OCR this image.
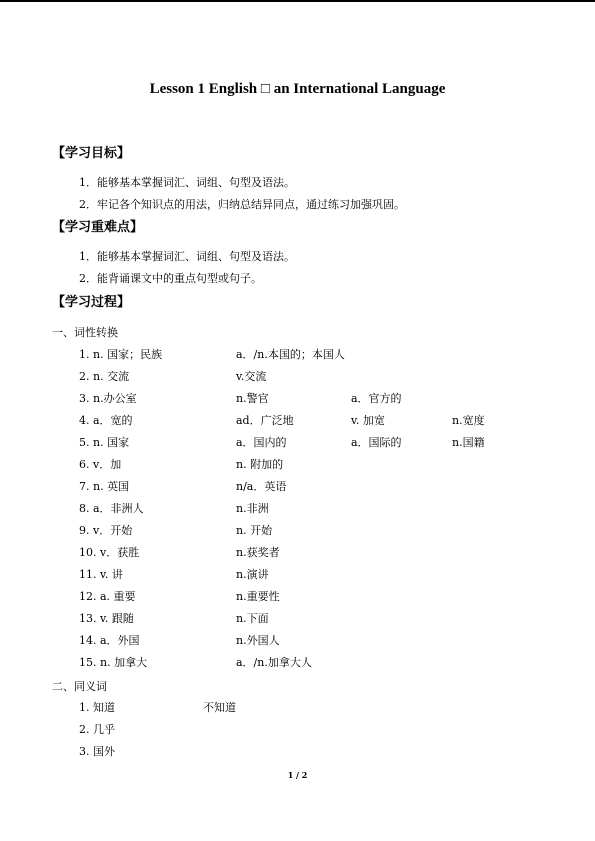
Lesson 1 English □ an International Language
【学习目标】
1．能够基本掌握词汇、词组、句型及语法。
2．牢记各个知识点的用法，归纳总结异同点，通过练习加强巩固。
【学习重难点】
1．能够基本掌握词汇、词组、句型及语法。
2．能背诵课文中的重点句型或句子。
【学习过程】
一、词性转换
1. n. 国家；民族	a．/n.本国的；本国人
2. n. 交流	v.交流
3. n.办公室	n.警官	a．官方的
4. a．宽的	ad．广泛地	v. 加宽	n.宽度
5. n. 国家	a．国内的	a．国际的	n.国籍
6. v．加	n. 附加的
7. n. 英国	n/a．英语
8. a．非洲人	n.非洲
9. v．开始	n. 开始
10. v．获胜	n.获奖者
11. v. 讲	n.演讲
12. a. 重要	n.重要性
13. v. 跟随	n.下面
14. a．外国	n.外国人
15. n. 加拿大	a．/n.加拿大人
二、同义词
1. 知道	不知道
2. 几乎
3. 国外
1 / 2
